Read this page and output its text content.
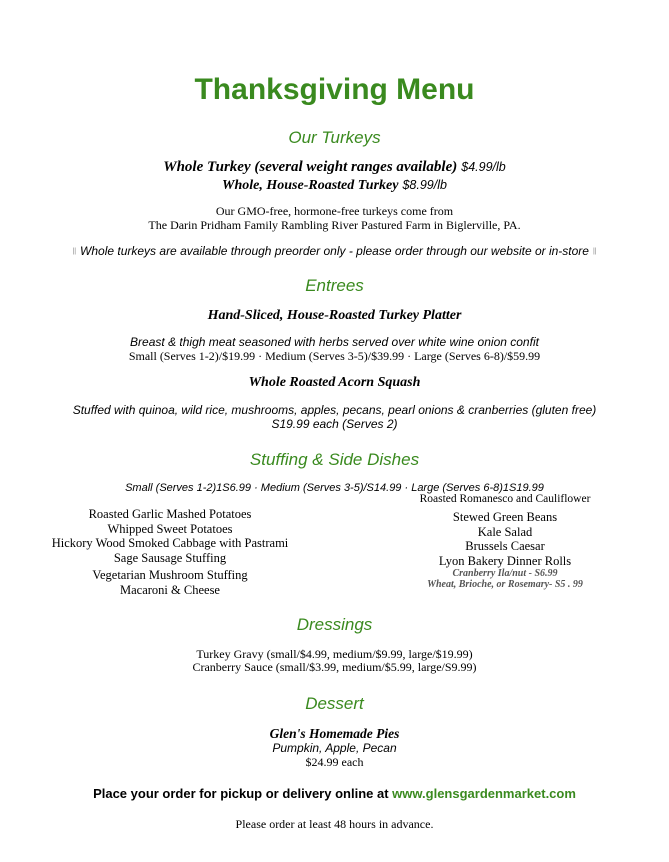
Thanksgiving Menu
Our Turkeys
Whole Turkey (several weight ranges available) $4.99/lb
Whole, House-Roasted Turkey $8.99/lb
Our GMO-free, hormone-free turkeys come from
The Darin Pridham Family Rambling River Pastured Farm in Biglerville, PA.
|| Whole turkeys are available through preorder only - please order through our website or in-store ||
Entrees
Hand-Sliced, House-Roasted Turkey Platter
Breast & thigh meat seasoned with herbs served over white wine onion confit
Small (Serves 1-2)/$19.99 · Medium (Serves 3-5)/$39.99 · Large (Serves 6-8)/$59.99
Whole Roasted Acorn Squash
Stuffed with quinoa, wild rice, mushrooms, apples, pecans, pearl onions & cranberries (gluten free)
S19.99 each (Serves 2)
Stuffing & Side Dishes
Small (Serves 1-2)1S6.99 · Medium (Serves 3-5)/S14.99 · Large (Serves 6-8)1S19.99
Roasted Garlic Mashed Potatoes
Whipped Sweet Potatoes
Hickory Wood Smoked Cabbage with Pastrami
Sage Sausage Stuffing
Vegetarian Mushroom Stuffing
Macaroni & Cheese
Roasted Romanesco and Cauliflower
Stewed Green Beans
Kale Salad
Brussels Caesar
Lyon Bakery Dinner Rolls
Cranberry Ila/nut - S6.99
Wheat, Brioche, or Rosemary- S5 . 99
Dressings
Turkey Gravy (small/$4.99, medium/$9.99, large/$19.99)
Cranberry Sauce (small/$3.99, medium/$5.99, large/S9.99)
Dessert
Glen's Homemade Pies
Pumpkin, Apple, Pecan
$24.99 each
Place your order for pickup or delivery online at www.glensgardenmarket.com
Please order at least 48 hours in advance.
